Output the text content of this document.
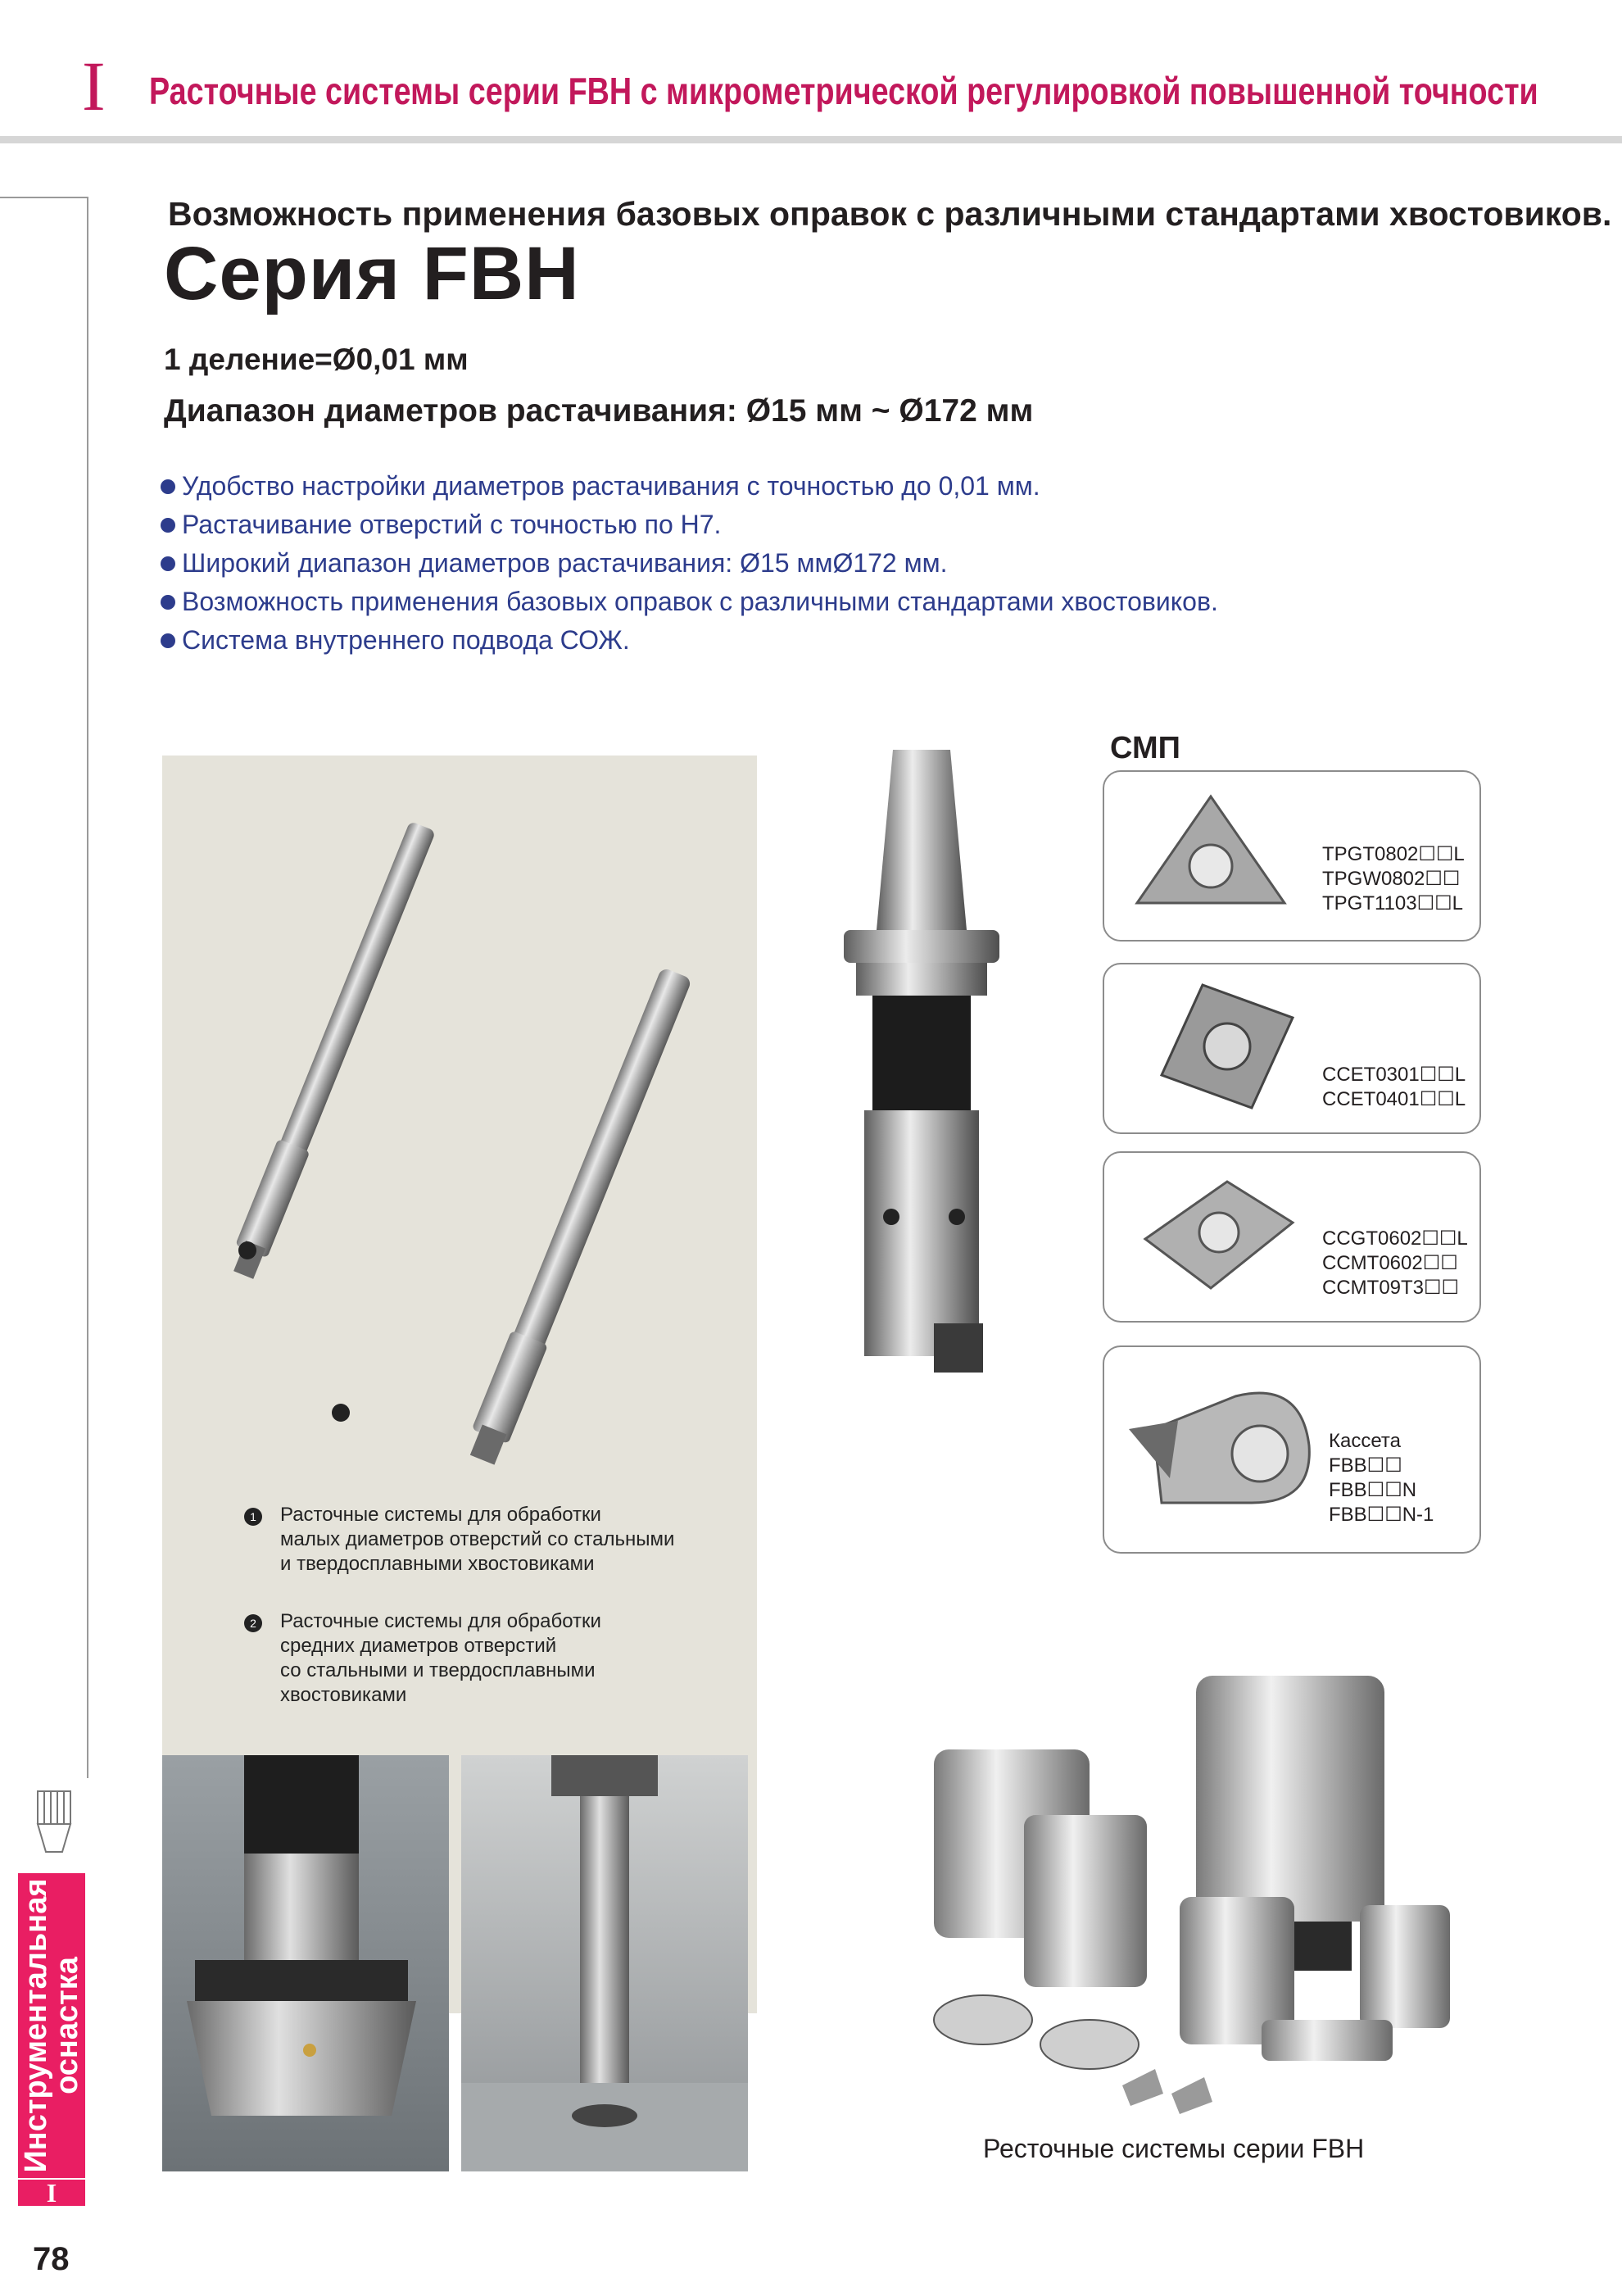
I Расточные системы серии FBH с микрометрической регулировкой повышенной точности
Возможность применения базовых оправок с различными стандартами хвостовиков.
Серия FBH
1 деление=Ø0,01 мм
Диапазон диаметров растачивания: Ø15 мм ~ Ø172 мм
Удобство настройки диаметров растачивания с точностью до 0,01 мм.
Растачивание отверстий с точностью по Н7.
Широкий диапазон диаметров растачивания: Ø15 ммØ172 мм.
Возможность применения базовых оправок с различными стандартами хвостовиков.
Система внутреннего подвода СОЖ.
1 Расточные системы для обработки
малых диаметров отверстий со стальными
и твердосплавными хвостовиками
2 Расточные системы для обработки
средних диаметров отверстий
со стальными и твердосплавными
хвостовиками
СМП
TPGT0802☐☐L
TPGW0802☐☐
TPGT1103☐☐L
CCET0301☐☐L
CCET0401☐☐L
CCGT0602☐☐L
CCMT0602☐☐
CCMT09T3☐☐
Кассета
FBB☐☐
FBB☐☐N
FBB☐☐N-1
Ресточные системы серии FBH
Инструментальная
оснастка
I
78
